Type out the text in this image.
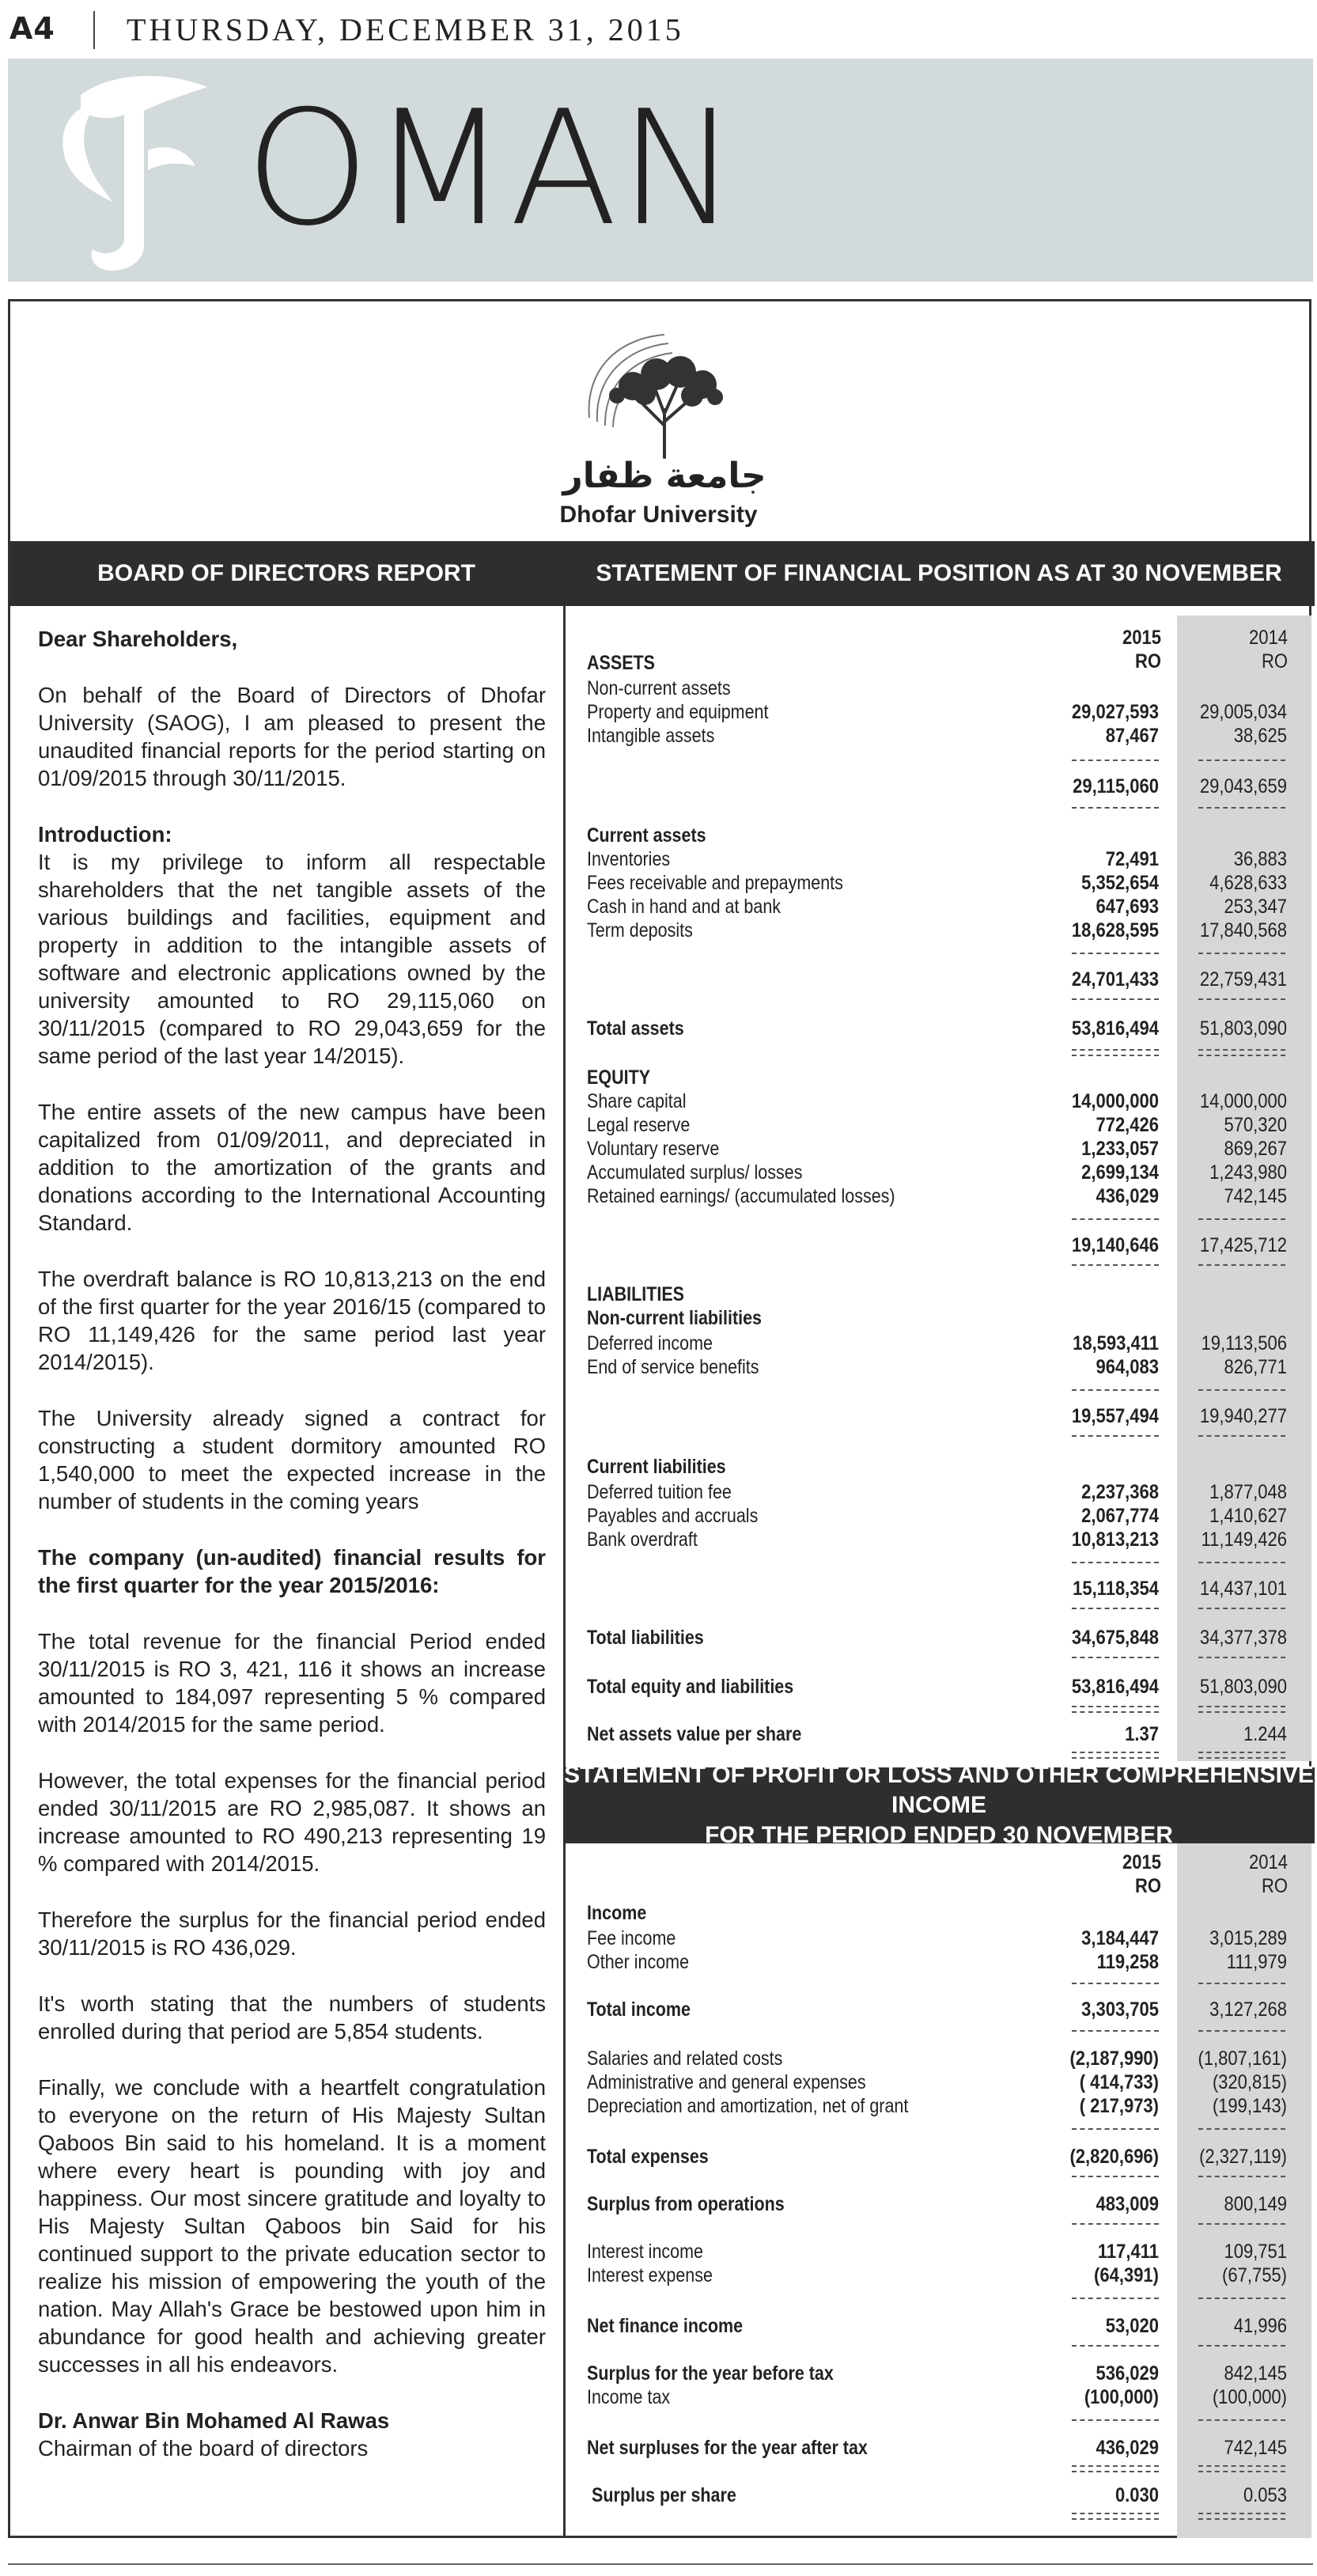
A4 THURSDAY, DECEMBER 31, 2015
OMAN
جامعة ظفار
Dhofar University
BOARD OF DIRECTORS REPORT	STATEMENT OF FINANCIAL POSITION AS AT 30 NOVEMBER

Dear Shareholders,

On behalf of the Board of Directors of Dhofar University (SAOG), I am pleased to present the unaudited financial reports for the period starting on 01/09/2015 through 30/11/2015.

Introduction:

It is my privilege to inform all respectable shareholders that the net tangible assets of the various buildings and facilities, equipment and property in addition to the intangible assets of software and electronic applications owned by the university amounted to RO 29,115,060 on 30/11/2015 (compared to RO 29,043,659 for the same period of the last year 14/2015).

The entire assets of the new campus have been capitalized from 01/09/2011, and depreciated in addition to the amortization of the grants and donations according to the International Accounting Standard.

The overdraft balance is RO 10,813,213 on the end of the first quarter for the year 2016/15 (compared to RO 11,149,426 for the same period last year 2014/2015).

The University already signed a contract for constructing a student dormitory amounted RO 1,540,000 to meet the expected increase in the number of students in the coming years

The company (un-audited) financial results for the first quarter for the year 2015/2016:

The total revenue for the financial Period ended 30/11/2015 is RO 3, 421, 116 it shows an increase amounted to 184,097 representing 5 % compared with 2014/2015 for the same period.

However, the total expenses for the financial period ended 30/11/2015 are RO 2,985,087. It shows an increase amounted to RO 490,213 representing 19 % compared with 2014/2015.

Therefore the surplus for the financial period ended 30/11/2015 is RO 436,029.

It's worth stating that the numbers of students enrolled during that period are 5,854 students.

Finally, we conclude with a heartfelt congratulation to everyone on the return of His Majesty Sultan Qaboos Bin said to his homeland. It is a moment where every heart is pounding with joy and happiness. Our most sincere gratitude and loyalty to His Majesty Sultan Qaboos bin Said for his continued support to the private education sector to realize his mission of empowering the youth of the nation. May Allah's Grace be bestowed upon him in abundance for good health and achieving greater successes in all his endeavors.

Dr. Anwar Bin Mohamed Al Rawas
Chairman of the board of directors
2015
RO
2014
RO
ASSETS
Non-current assets
Property and equipment	29,027,593	29,005,034
Intangible assets	87,467	38,625
29,115,060	29,043,659
Current assets
Inventories	72,491	36,883
Fees receivable and prepayments	5,352,654	4,628,633
Cash in hand and at bank	647,693	253,347
Term deposits	18,628,595	17,840,568
24,701,433	22,759,431
Total assets	53,816,494	51,803,090
EQUITY
Share capital	14,000,000	14,000,000
Legal reserve	772,426	570,320
Voluntary reserve	1,233,057	869,267
Accumulated surplus/ losses	2,699,134	1,243,980
Retained earnings/ (accumulated losses)	436,029	742,145
19,140,646	17,425,712
LIABILITIES
Non-current liabilities
Deferred income	18,593,411	19,113,506
End of service benefits	964,083	826,771
19,557,494	19,940,277
Current liabilities
Deferred tuition fee	2,237,368	1,877,048
Payables and accruals	2,067,774	1,410,627
Bank overdraft	10,813,213	11,149,426
15,118,354	14,437,101
Total liabilities	34,675,848	34,377,378
Total equity and liabilities	53,816,494	51,803,090
Net assets value per share	1.37	1.244
STATEMENT OF PROFIT OR LOSS AND OTHER COMPREHENSIVE INCOME
FOR THE PERIOD ENDED 30 NOVEMBER
2015
RO
2014
RO
Income
Fee income	3,184,447	3,015,289
Other income	119,258	111,979
Total income	3,303,705	3,127,268
Salaries and related costs	(2,187,990)	(1,807,161)
Administrative and general expenses	( 414,733)	(320,815)
Depreciation and amortization, net of grant	( 217,973)	(199,143)
Total expenses	(2,820,696)	(2,327,119)
Surplus from operations	483,009	800,149
Interest income	117,411	109,751
Interest expense	(64,391)	(67,755)
Net finance income	53,020	41,996
Surplus for the year before tax	536,029	842,145
Income tax	(100,000)	(100,000)
Net surpluses for the year after tax	436,029	742,145
Surplus per share	0.030	0.053
